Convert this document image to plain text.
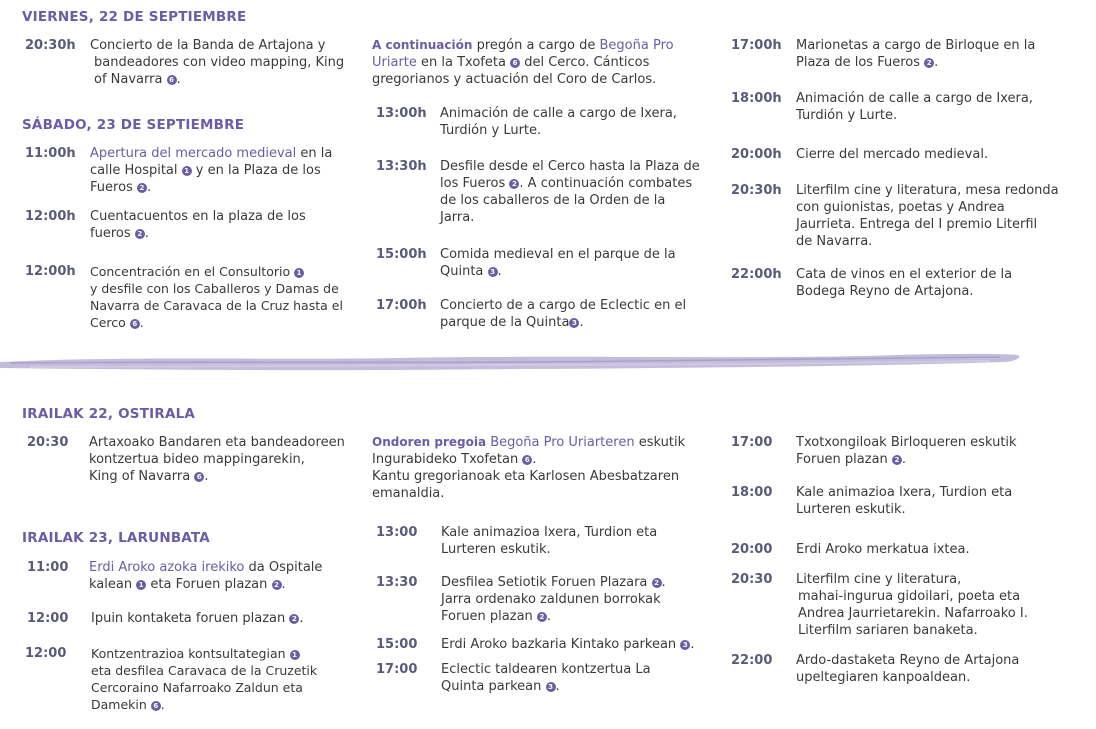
VIERNES, 22 DE SEPTIEMBRE
20:30h Concierto de la Banda de Artajona y
bandeadores con video mapping, King
of Navarra 6 .
SÁBADO, 23 DE SEPTIEMBRE
11:00h Apertura del mercado medieval en la
calle Hospital 1 y en la Plaza de los
Fueros 2 .
12:00h Cuentacuentos en la plaza de los
fueros 2 .
12:00h Concentración en el Consultorio 1
y desfile con los Caballeros y Damas de
Navarra de Caravaca de la Cruz hasta el
Cerco 6 .
A continuación pregón a cargo de Begoña Pro
Uriarte en la Txofeta 6 del Cerco. Cánticos
gregorianos y actuación del Coro de Carlos.
13:00h Animación de calle a cargo de Ixera,
Turdión y Lurte.
13:30h Desfile desde el Cerco hasta la Plaza de
los Fueros 2 . A continuación combates
de los caballeros de la Orden de la
Jarra.
15:00h Comida medieval en el parque de la
Quinta 3 .
17:00h Concierto de a cargo de Eclectic en el
parque de la Quinta 3 .
17:00h Marionetas a cargo de Birloque en la
Plaza de los Fueros 2 .
18:00h Animación de calle a cargo de Ixera,
Turdión y Lurte.
20:00h Cierre del mercado medieval.
20:30h Literfilm cine y literatura, mesa redonda
con guionistas, poetas y Andrea
Jaurrieta. Entrega del I premio Literfil
de Navarra.
22:00h Cata de vinos en el exterior de la
Bodega Reyno de Artajona.
IRAILAK 22, OSTIRALA
20:30 Artaxoako Bandaren eta bandeadoreen
kontzertua bideo mappingarekin,
King of Navarra 6 .
IRAILAK 23, LARUNBATA
11:00 Erdi Aroko azoka irekiko da Ospitale
kalean 1 eta Foruen plazan 2 .
12:00 Ipuin kontaketa foruen plazan 2 .
12:00 Kontzentrazioa kontsultategian 1
eta desfilea Caravaca de la Cruzetik
Cercoraino Nafarroako Zaldun eta
Damekin 6 .
Ondoren pregoia Begoña Pro Uriarteren eskutik
Ingurabideko Txofetan 6 .
Kantu gregorianoak eta Karlosen Abesbatzaren
emanaldia.
13:00 Kale animazioa Ixera, Turdion eta
Lurteren eskutik.
13:30 Desfilea Setiotik Foruen Plazara 2 .
Jarra ordenako zaldunen borrokak
Foruen plazan 2 .
15:00 Erdi Aroko bazkaria Kintako parkean 3 .
17:00 Eclectic taldearen kontzertua La
Quinta parkean 3 .
17:00 Txotxongiloak Birloqueren eskutik
Foruen plazan 2 .
18:00 Kale animazioa Ixera, Turdion eta
Lurteren eskutik.
20:00 Erdi Aroko merkatua ixtea.
20:30 Literfilm cine y literatura,
mahai-ingurua gidoilari, poeta eta
Andrea Jaurrietarekin. Nafarroako I.
Literfilm sariaren banaketa.
22:00 Ardo-dastaketa Reyno de Artajona
upeltegiaren kanpoaldean.
